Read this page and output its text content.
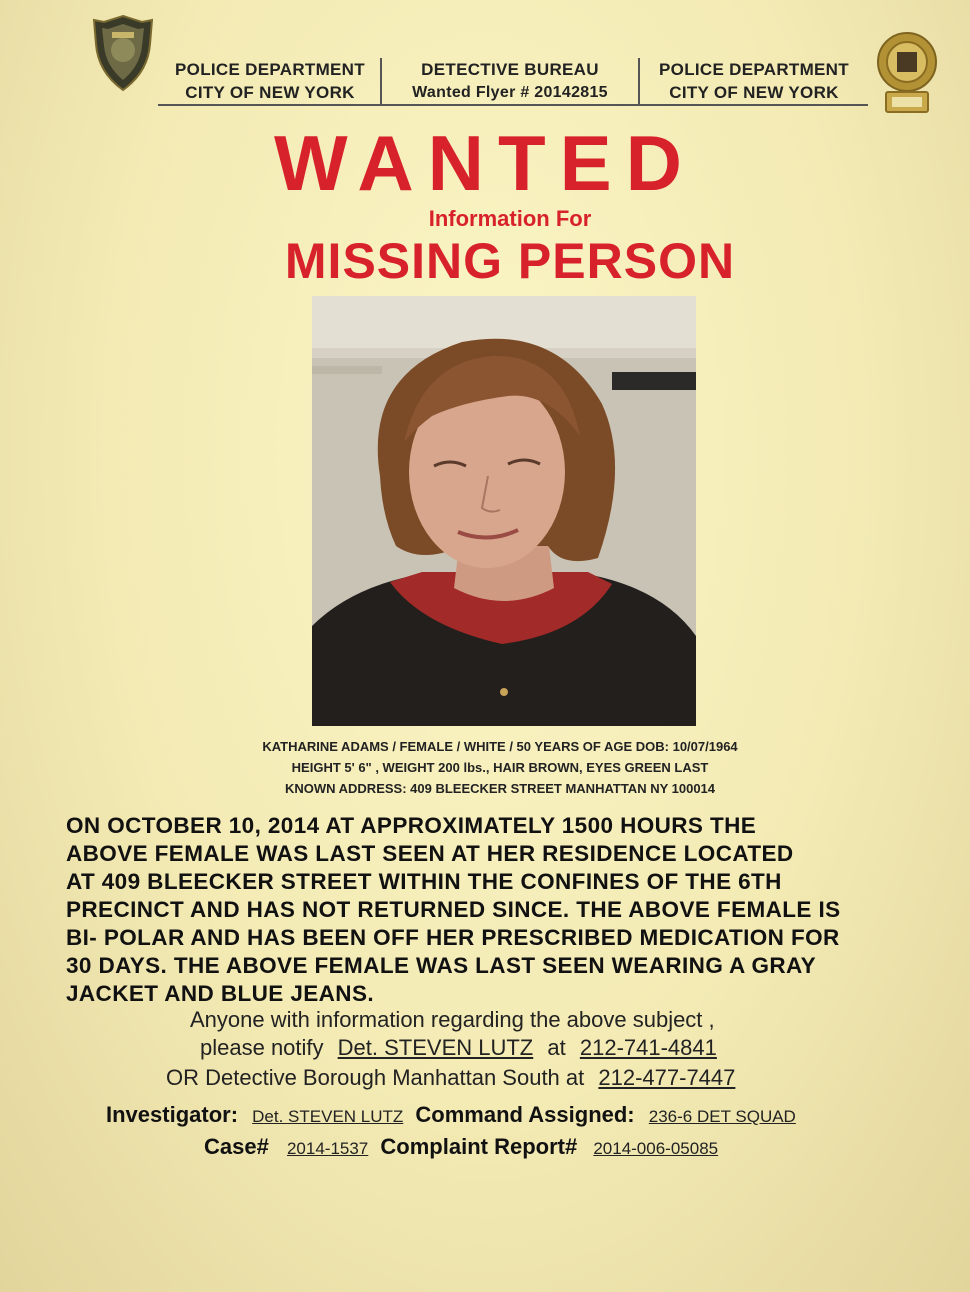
POLICE DEPARTMENT
CITY OF NEW YORK
DETECTIVE BUREAU
Wanted Flyer # 20142815
POLICE DEPARTMENT
CITY OF NEW YORK
WANTED
Information For
MISSING PERSON
KATHARINE ADAMS / FEMALE / WHITE / 50 YEARS OF AGE DOB: 10/07/1964
HEIGHT 5' 6" , WEIGHT 200 lbs., HAIR BROWN, EYES GREEN LAST
KNOWN ADDRESS: 409 BLEECKER STREET MANHATTAN NY 100014
ON OCTOBER 10, 2014 AT APPROXIMATELY 1500 HOURS THE
ABOVE FEMALE WAS LAST SEEN AT HER RESIDENCE LOCATED
AT 409 BLEECKER STREET WITHIN THE CONFINES OF THE 6TH
PRECINCT AND HAS NOT RETURNED SINCE. THE ABOVE FEMALE IS
BI- POLAR AND HAS BEEN OFF HER PRESCRIBED MEDICATION FOR
30 DAYS. THE ABOVE FEMALE WAS LAST SEEN WEARING A GRAY
JACKET AND BLUE JEANS.
Anyone with information regarding the above subject ,
please notify Det. STEVEN LUTZ at 212-741-4841
OR Detective Borough Manhattan South at 212-477-7447
Investigator: Det. STEVEN LUTZ Command Assigned: 236-6 DET SQUAD
Case# 2014-1537 Complaint Report# 2014-006-05085
